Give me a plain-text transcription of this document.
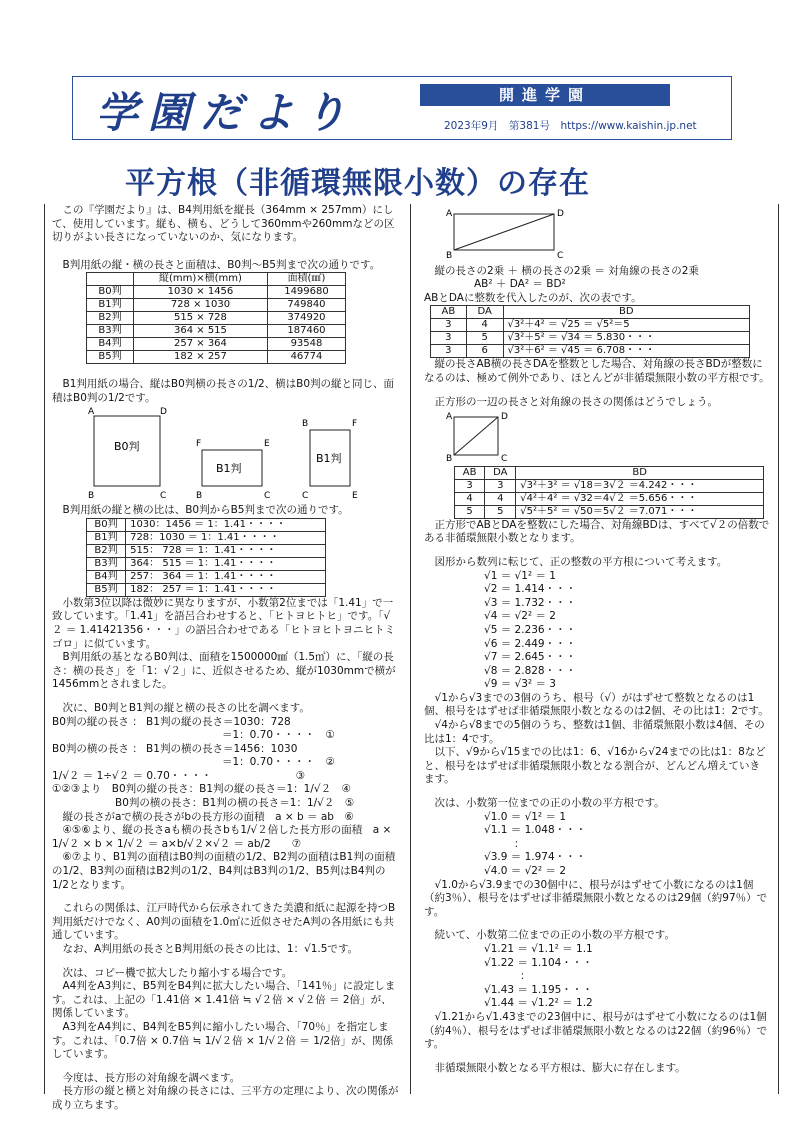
学園だより	開進学園
2023年9月　第381号　https://www.kaishin.jp.net
平方根（非循環無限小数）の存在

この『学園だより』は、B4判用紙を縦長（364mm × 257mm）にして、使用しています。縦も、横も、どうして360mmや260mmなどの区切りがよい長さになっていないのか、気になります。

B判用紙の縦・横の長さと面積は、B0判～B5判まで次の通りです。

	縦(mm)×横(mm)	面積(㎟)
B0判	1030 × 1456	1499680
B1判	728 × 1030	749840
B2判	515 × 728	374920
B3判	364 × 515	187460
B4判	257 × 364	93548
B5判	182 × 257	46774

B1判用紙の場合、縦はB0判横の長さの1/2、横はB0判の縦と同じ、面積はB0判の1/2です。

B0判
A	D
B	C
B1判
F	E
B	C
B1判
B	F
C	E

B判用紙の縦と横の比は、B0判からB5判まで次の通りです。

B0判	1030：1456 ＝ 1：1.41・・・・
B1判	728：1030 ＝ 1：1.41・・・・
B2判	515： 728 ＝ 1：1.41・・・・
B3判	364： 515 ＝ 1：1.41・・・・
B4判	257： 364 ＝ 1：1.41・・・・
B5判	182： 257 ＝ 1：1.41・・・・

小数第3位以降は微妙に異なりますが、小数第2位までは「1.41」で一致しています。「1.41」を語呂合わせすると、「ヒトヨヒトヒ」です。「√２ ＝ 1.41421356・・・」の語呂合わせである「ヒトヨヒトヨニヒトミゴロ」に似ています。

B判用紙の基となるB0判は、面積を1500000㎟（1.5㎡）に、「縦の長さ：横の長さ」を「1：√２」に、近似させるため、縦が1030mmで横が1456mmとされました。

次に、B0判とB1判の縦と横の長さの比を調べます。

B0判の縦の長さ ： B1判の縦の長さ＝1030：728

＝1：0.70・・・・　①

B0判の横の長さ ： B1判の横の長さ＝1456：1030

＝1：0.70・・・・　②

1/√２ ＝ 1÷√２ ＝ 0.70・・・・　　　　　　　　③

①②③より　B0判の縦の長さ：B1判の縦の長さ＝1：1/√２　④

　　　　　　B0判の横の長さ：B1判の横の長さ＝1：1/√２　⑤

縦の長さがaで横の長さがbの長方形の面積　a × b ＝ ab　⑥

④⑤⑥より、縦の長さaも横の長さbも1/√２倍した長方形の面積　a × 1/√２ × b × 1/√２ ＝ a×b/√２×√２ ＝ ab/2　　⑦

⑥⑦より、B1判の面積はB0判の面積の1/2、B2判の面積はB1判の面積の1/2、B3判の面積はB2判の1/2、B4判はB3判の1/2、B5判はB4判の1/2となります。

これらの関係は、江戸時代から伝承されてきた美濃和紙に起源を持つB判用紙だけでなく、A0判の面積を1.0㎡に近似させたA判の各用紙にも共通しています。

なお、A判用紙の長さとB判用紙の長さの比は、1：√1.5です。

次は、コピー機で拡大したり縮小する場合です。

A4判をA3判に、B5判をB4判に拡大したい場合、「141％」に設定します。これは、上記の「1.41倍 × 1.41倍 ≒ √２倍 × √２倍 ＝ 2倍」が、関係しています。

A3判をA4判に、B4判をB5判に縮小したい場合、「70％」を指定します。これは、「0.7倍 × 0.7倍 ≒ 1/√２倍 × 1/√２倍 ＝ 1/2倍」が、関係しています。

今度は、長方形の対角線を調べます。

長方形の縦と横と対角線の長さには、三平方の定理により、次の関係が成り立ちます。

A	D
B	C

縦の長さの2乗 ＋ 横の長さの2乗 ＝ 対角線の長さの2乗

AB² ＋ DA² ＝ BD²

ABとDAに整数を代入したのが、次の表です。

AB	DA	BD
3	4	√3²＋4² ＝ √25 ＝ √5²＝5
3	5	√3²＋5² ＝ √34 ＝ 5.830・・・
3	6	√3²＋6² ＝ √45 ＝ 6.708・・・

縦の長さAB横の長さDAを整数とした場合、対角線の長さBDが整数になるのは、極めて例外であり、ほとんどが非循環無限小数の平方根です。

正方形の一辺の長さと対角線の長さの関係はどうでしょう。

A	D
B	C
AB	DA	BD
3	3	√3²＋3² ＝ √18＝3√２ ＝4.242・・・
4	4	√4²＋4² ＝ √32＝4√２ ＝5.656・・・
5	5	√5²＋5² ＝ √50＝5√２ ＝7.071・・・

正方形でABとDAを整数にした場合、対角線BDは、すべて√２の倍数である非循環無限小数となります。

図形から数列に転じて、正の整数の平方根について考えます。

√1 ＝ √1² ＝ 1

√2 ＝ 1.414・・・

√3 ＝ 1.732・・・

√4 ＝ √2² ＝ 2

√5 ＝ 2.236・・・

√6 ＝ 2.449・・・

√7 ＝ 2.645・・・

√8 ＝ 2.828・・・

√9 ＝ √3² ＝ 3

√1から√3までの3個のうち、根号（√）がはずせて整数となるのは1個、根号をはずせば非循環無限小数となるのは2個、その比は1：2です。

√4から√8までの5個のうち、整数は1個、非循環無限小数は4個、その比は1：4です。

以下、√9から√15までの比は1：6、√16から√24までの比は1：8などと、根号をはずせば非循環無限小数となる割合が、どんどん増えていきます。

次は、小数第一位までの正の小数の平方根です。

√1.0 ＝ √1² ＝ 1

√1.1 ＝ 1.048・・・

：

√3.9 ＝ 1.974・・・

√4.0 ＝ √2² ＝ 2

√1.0から√3.9までの30個中に、根号がはずせて小数になるのは1個（約3％）、根号をはずせば非循環無限小数となるのは29個（約97％）です。

続いて、小数第二位までの正の小数の平方根です。

√1.21 ＝ √1.1² ＝ 1.1

√1.22 ＝ 1.104・・・

：

√1.43 ＝ 1.195・・・

√1.44 ＝ √1.2² ＝ 1.2

√1.21から√1.43までの23個中に、根号がはずせて小数になるのは1個（約4％）、根号をはずせば非循環無限小数となるのは22個（約96％）です。

非循環無限小数となる平方根は、膨大に存在します。
